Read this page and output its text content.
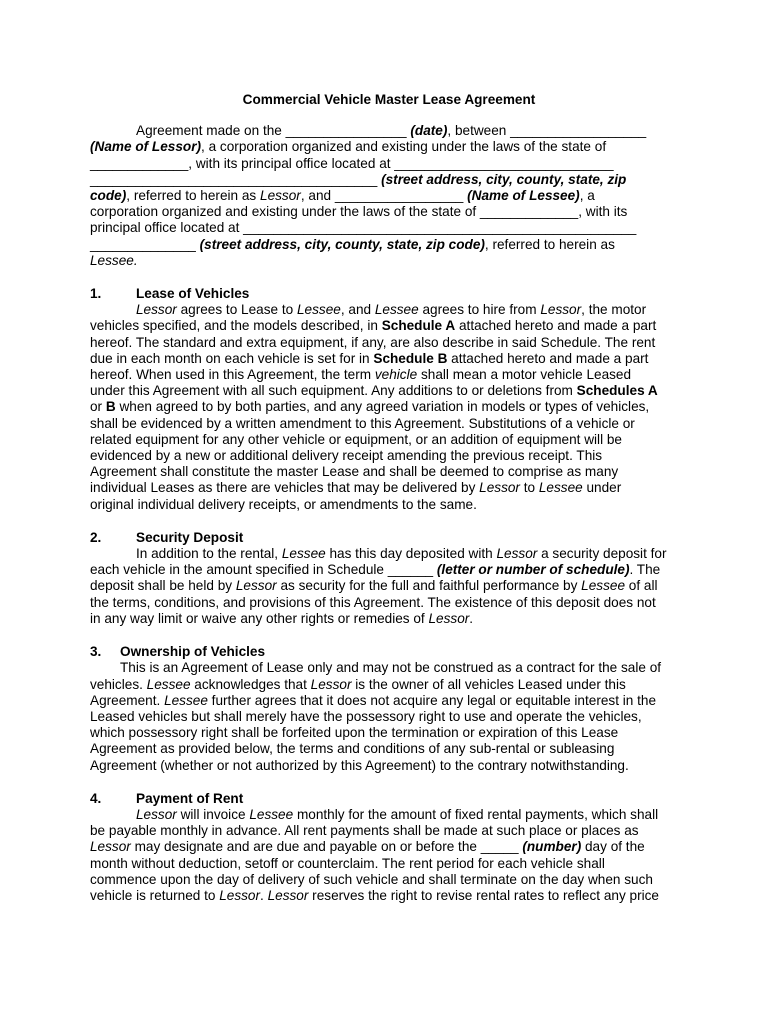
Commercial Vehicle Master Lease Agreement

Agreement made on the ________________ (date), between __________________
(Name of Lessor), a corporation organized and existing under the laws of the state of
_____________, with its principal office located at _____________________________
______________________________________ (street address, city, county, state, zip
code), referred to herein as Lessor, and _________________ (Name of Lessee), a
corporation organized and existing under the laws of the state of _____________, with its
principal office located at ____________________________________________________
______________ (street address, city, county, state, zip code), referred to herein as
Lessee.

1.	Lease of Vehicles

Lessor agrees to Lease to Lessee, and Lessee agrees to hire from Lessor, the motor
vehicles specified, and the models described, in Schedule A attached hereto and made a part
hereof. The standard and extra equipment, if any, are also describe in said Schedule. The rent
due in each month on each vehicle is set for in Schedule B attached hereto and made a part
hereof. When used in this Agreement, the term vehicle shall mean a motor vehicle Leased
under this Agreement with all such equipment. Any additions to or deletions from Schedules A
or B when agreed to by both parties, and any agreed variation in models or types of vehicles,
shall be evidenced by a written amendment to this Agreement. Substitutions of a vehicle or
related equipment for any other vehicle or equipment, or an addition of equipment will be
evidenced by a new or additional delivery receipt amending the previous receipt. This
Agreement shall constitute the master Lease and shall be deemed to comprise as many
individual Leases as there are vehicles that may be delivered by Lessor to Lessee under
original individual delivery receipts, or amendments to the same.

2.	Security Deposit

In addition to the rental, Lessee has this day deposited with Lessor a security deposit for
each vehicle in the amount specified in Schedule ______ (letter or number of schedule). The
deposit shall be held by Lessor as security for the full and faithful performance by Lessee of all
the terms, conditions, and provisions of this Agreement. The existence of this deposit does not
in any way limit or waive any other rights or remedies of Lessor.

3. Ownership of Vehicles

This is an Agreement of Lease only and may not be construed as a contract for the sale of
vehicles. Lessee acknowledges that Lessor is the owner of all vehicles Leased under this
Agreement. Lessee further agrees that it does not acquire any legal or equitable interest in the
Leased vehicles but shall merely have the possessory right to use and operate the vehicles,
which possessory right shall be forfeited upon the termination or expiration of this Lease
Agreement as provided below, the terms and conditions of any sub-rental or subleasing
Agreement (whether or not authorized by this Agreement) to the contrary notwithstanding.

4.	Payment of Rent

Lessor will invoice Lessee monthly for the amount of fixed rental payments, which shall
be payable monthly in advance. All rent payments shall be made at such place or places as
Lessor may designate and are due and payable on or before the _____ (number) day of the
month without deduction, setoff or counterclaim. The rent period for each vehicle shall
commence upon the day of delivery of such vehicle and shall terminate on the day when such
vehicle is returned to Lessor. Lessor reserves the right to revise rental rates to reflect any price
